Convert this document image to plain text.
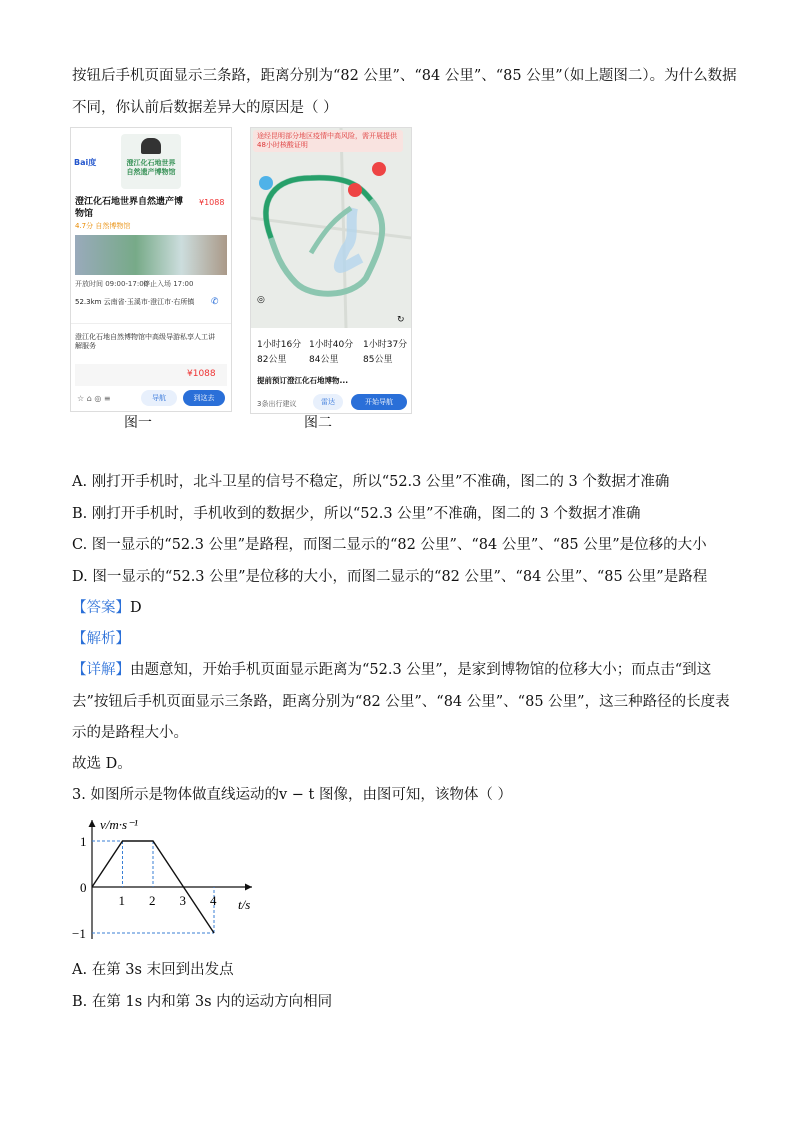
按钮后手机页面显示三条路，距离分别为“82 公里”、“84 公里”、“85 公里”（如上题图二）。为什么数据
不同，你认前后数据差异大的原因是（ ）
澄江化石地世界自然遗产博物馆
Bai度
澄江化石地世界自然遗产博物馆
¥1088
4.7分 自然博物馆
开放时间 09:00-17:00
停止入场 17:00
52.3km 云南省·玉溪市·澄江市·右所镇 ✆
澄江化石地自然博物馆中高级导游私享人工讲解服务
¥1088
☆ ⌂ ◎ ≡	导航	到这去
图一
途经昆明部分地区疫情中高风险，需开展提供48小时核酸证明
◎
↻
1小时16分 1小时40分 1小时37分
82公里	84公里	85公里
提前预订澄江化石地博物...
3条出行建议	雷达	开始导航
图二
A. 刚打开手机时，北斗卫星的信号不稳定，所以“52.3 公里”不准确，图二的 3 个数据才准确
B. 刚打开手机时，手机收到的数据少，所以“52.3 公里”不准确，图二的 3 个数据才准确
C. 图一显示的“52.3 公里”是路程，而图二显示的“82 公里”、“84 公里”、“85 公里”是位移的大小
D. 图一显示的“52.3 公里”是位移的大小，而图二显示的“82 公里”、“84 公里”、“85 公里”是路程
【答案】D
【解析】
【详解】由题意知，开始手机页面显示距离为“52.3 公里”，是家到博物馆的位移大小；而点击“到这
去”按钮后手机页面显示三条路，距离分别为“82 公里”、“84 公里”、“85 公里”，这三种路径的长度表
示的是路程大小。
故选 D。
3. 如图所示是物体做直线运动的v − t 图像，由图可知，该物体（ ）
v/m·s⁻¹
t/s
0
1 2 3 4
1
−1
A. 在第 3s 末回到出发点
B. 在第 1s 内和第 3s 内的运动方向相同
